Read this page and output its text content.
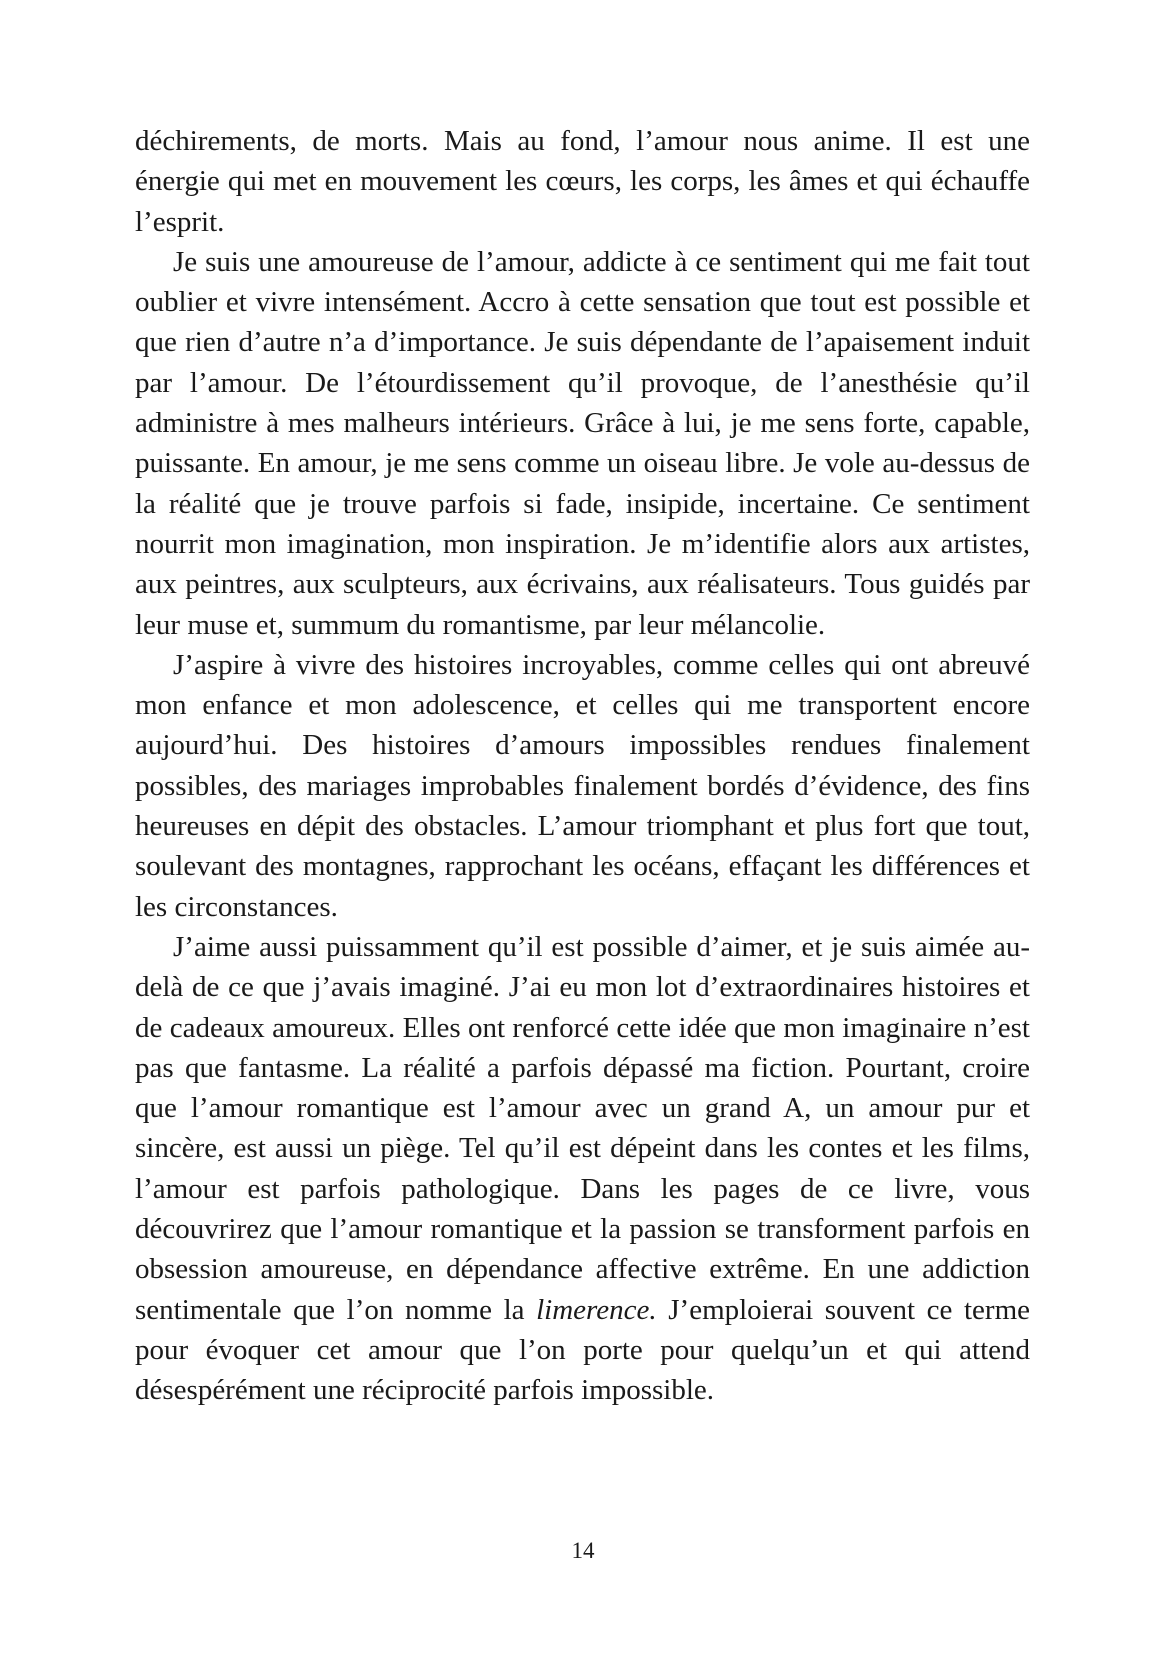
déchirements, de morts. Mais au fond, l’amour nous anime. Il est une énergie qui met en mouvement les cœurs, les corps, les âmes et qui échauffe l’esprit.

Je suis une amoureuse de l’amour, addicte à ce sentiment qui me fait tout oublier et vivre intensément. Accro à cette sensation que tout est possible et que rien d’autre n’a d’importance. Je suis dépendante de l’apaisement induit par l’amour. De l’étourdissement qu’il provoque, de l’anesthésie qu’il administre à mes malheurs intérieurs. Grâce à lui, je me sens forte, capable, puissante. En amour, je me sens comme un oiseau libre. Je vole au-dessus de la réalité que je trouve parfois si fade, insipide, incertaine. Ce sentiment nourrit mon imagination, mon inspiration. Je m’identifie alors aux artistes, aux peintres, aux sculpteurs, aux écrivains, aux réalisateurs. Tous guidés par leur muse et, summum du romantisme, par leur mélancolie.

J’aspire à vivre des histoires incroyables, comme celles qui ont abreuvé mon enfance et mon adolescence, et celles qui me transportent encore aujourd’hui. Des histoires d’amours impossibles rendues finalement possibles, des mariages improbables finalement bordés d’évidence, des fins heureuses en dépit des obstacles. L’amour triomphant et plus fort que tout, soulevant des montagnes, rapprochant les océans, effaçant les différences et les circonstances.

J’aime aussi puissamment qu’il est possible d’aimer, et je suis aimée au-delà de ce que j’avais imaginé. J’ai eu mon lot d’extraordinaires histoires et de cadeaux amoureux. Elles ont renforcé cette idée que mon imaginaire n’est pas que fantasme. La réalité a parfois dépassé ma fiction. Pourtant, croire que l’amour romantique est l’amour avec un grand A, un amour pur et sincère, est aussi un piège. Tel qu’il est dépeint dans les contes et les films, l’amour est parfois pathologique. Dans les pages de ce livre, vous découvrirez que l’amour romantique et la passion se transforment parfois en obsession amoureuse, en dépendance affective extrême. En une addiction sentimentale que l’on nomme la limerence. J’emploierai souvent ce terme pour évoquer cet amour que l’on porte pour quelqu’un et qui attend désespérément une réciprocité parfois impossible.

14
